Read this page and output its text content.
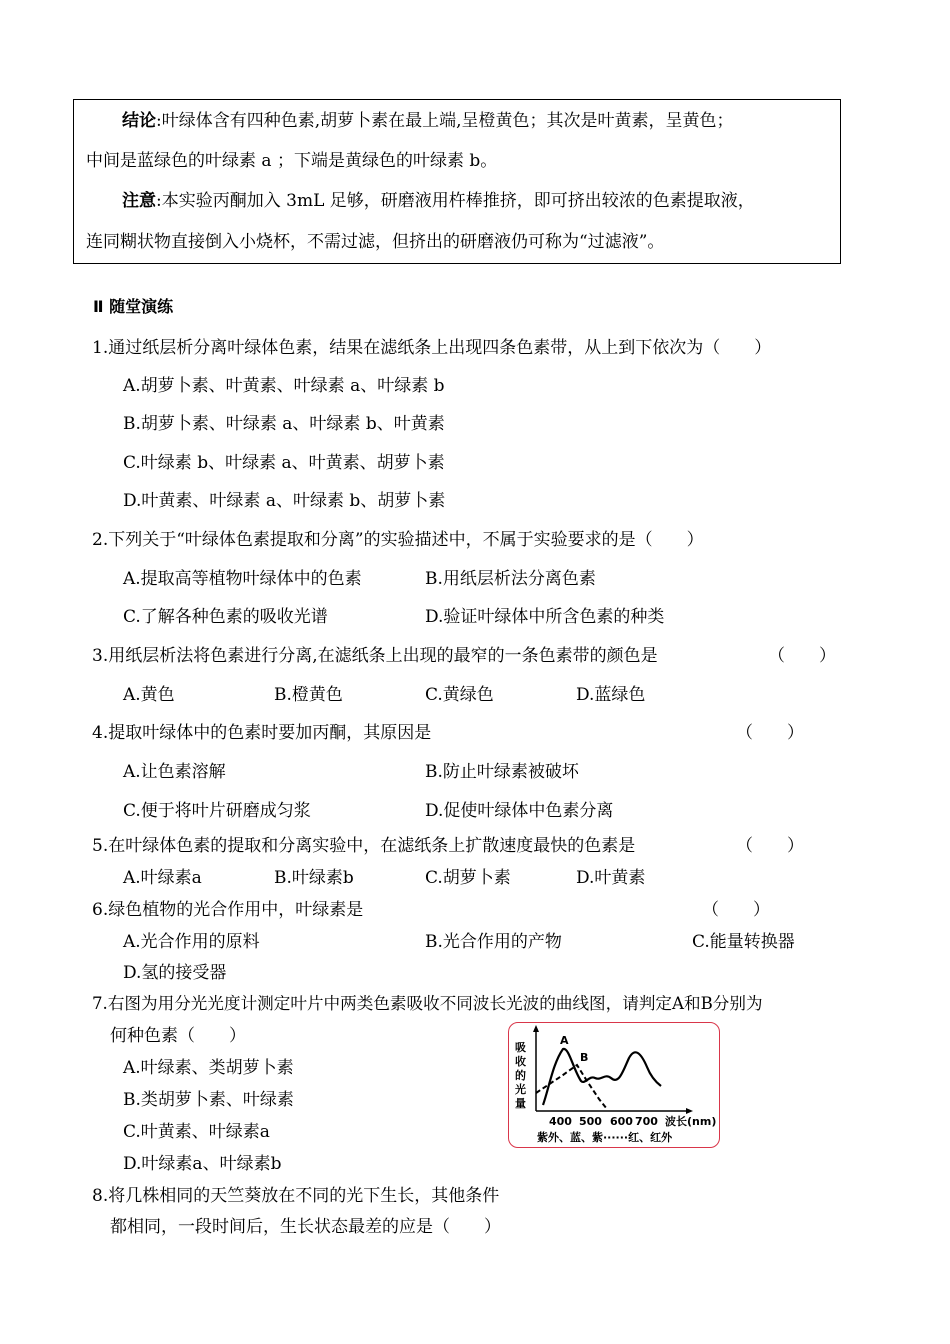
结论:叶绿体含有四种色素,胡萝卜素在最上端,呈橙黄色；其次是叶黄素，呈黄色；
中间是蓝绿色的叶绿素 a ；下端是黄绿色的叶绿素 b。
注意:本实验丙酮加入 3mL 足够，研磨液用杵棒推挤，即可挤出较浓的色素提取液，
连同糊状物直接倒入小烧杯，不需过滤，但挤出的研磨液仍可称为“过滤液”。
Ⅱ 随堂演练
1.通过纸层析分离叶绿体色素，结果在滤纸条上出现四条色素带，从上到下依次为（　　）
A.胡萝卜素、叶黄素、叶绿素 a、叶绿素 b
B.胡萝卜素、叶绿素 a、叶绿素 b、叶黄素
C.叶绿素 b、叶绿素 a、叶黄素、胡萝卜素
D.叶黄素、叶绿素 a、叶绿素 b、胡萝卜素
2.下列关于“叶绿体色素提取和分离”的实验描述中，不属于实验要求的是（　　）
A.提取高等植物叶绿体中的色素	B.用纸层析法分离色素
C.了解各种色素的吸收光谱	D.验证叶绿体中所含色素的种类
3.用纸层析法将色素进行分离,在滤纸条上出现的最窄的一条色素带的颜色是	（　　）
A.黄色	B.橙黄色	C.黄绿色	D.蓝绿色
4.提取叶绿体中的色素时要加丙酮，其原因是	（　　）
A.让色素溶解	B.防止叶绿素被破坏
C.便于将叶片研磨成匀浆	D.促使叶绿体中色素分离
5.在叶绿体色素的提取和分离实验中，在滤纸条上扩散速度最快的色素是	（　　）
A.叶绿素a	B.叶绿素b	C.胡萝卜素	D.叶黄素
6.绿色植物的光合作用中，叶绿素是	（　　）
A.光合作用的原料	B.光合作用的产物	C.能量转换器
D.氢的接受器
7.右图为用分光光度计测定叶片中两类色素吸收不同波长光波的曲线图，请判定A和B分别为
何种色素（　　）
A.叶绿素、类胡萝卜素
B.类胡萝卜素、叶绿素
C.叶黄素、叶绿素a
D.叶绿素a、叶绿素b
8.将几株相同的天竺葵放在不同的光下生长，其他条件
都相同，一段时间后，生长状态最差的应是（　　）
吸
收
的
光
量
A
B
400 500 600 700 波长(nm)
紫外、蓝、紫······红、红外
